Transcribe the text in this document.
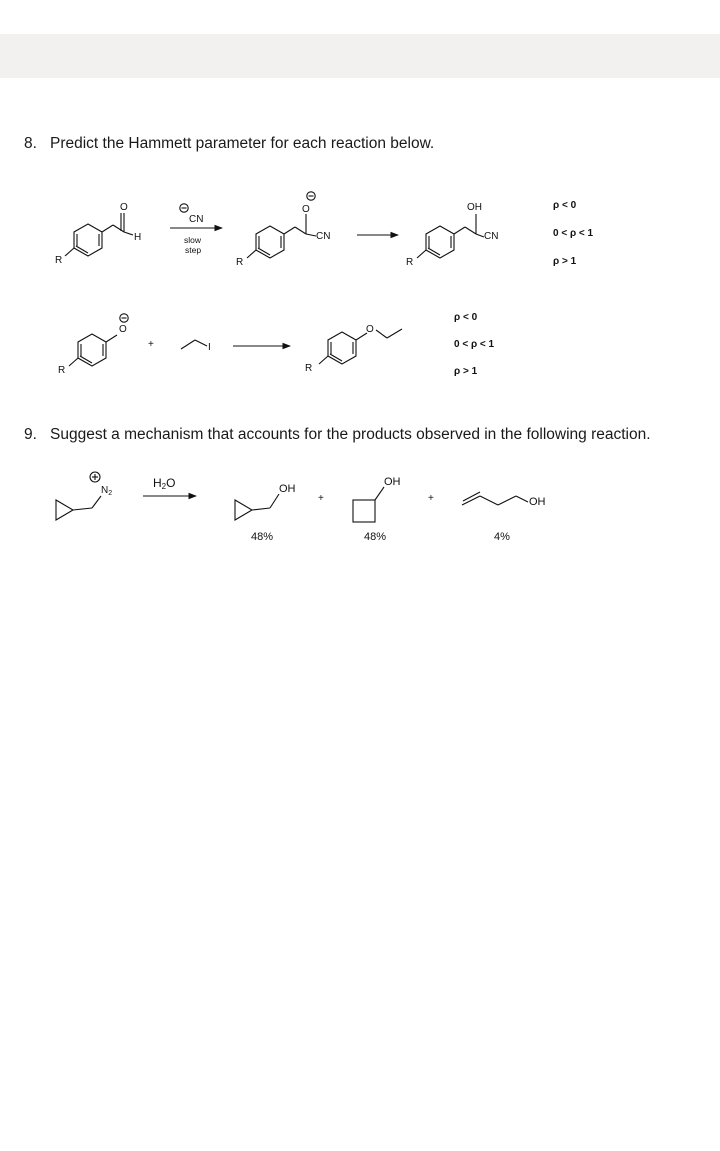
8. Predict the Hammett parameter for each reaction below.
9. Suggest a mechanism that accounts for the products observed in the following reaction.
R
O
H
CN
slow
step
R
O
CN
R
OH
CN
ρ < 0
0 < ρ < 1
ρ > 1
R
O
+	I
R
O
ρ < 0
0 < ρ < 1
ρ > 1
$N_2$
H2O	OH
48%
+
OH
48%
+	OH
4%
